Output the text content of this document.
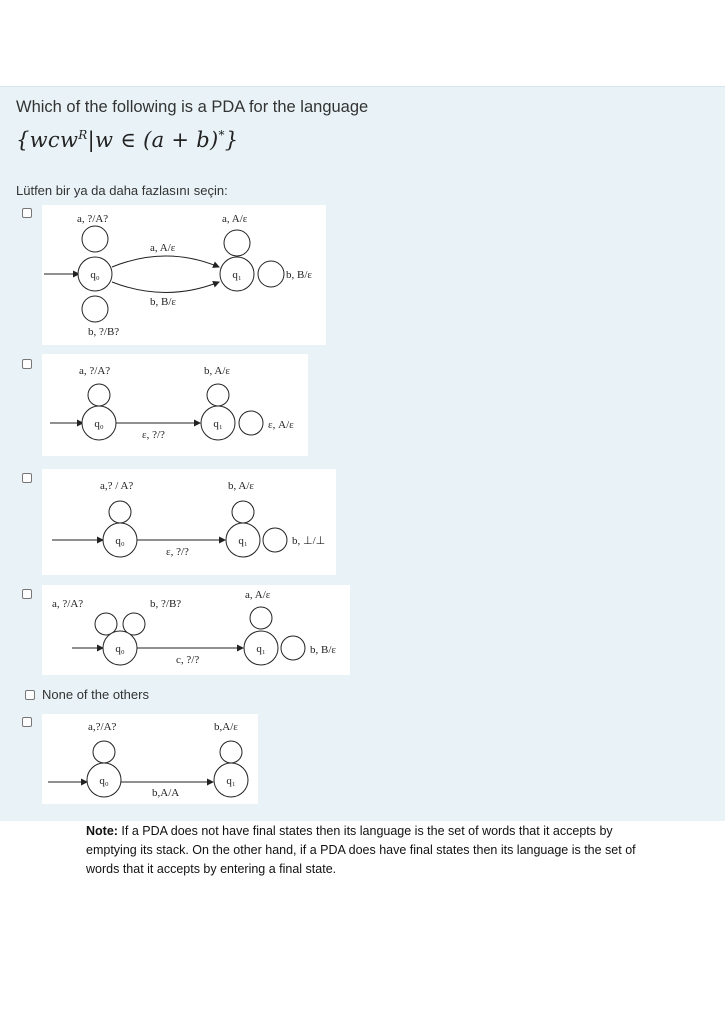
Which of the following is a PDA for the language
{wcw$^R$|w ∈ (a + b)*}
Lütfen bir ya da daha fazlasını seçin:
a, ?/A?	a, A/ε
a, A/ε
b, B/ε
b, ?/B?
b, B/ε
q₀	q₁
a, ?/A?	b, A/ε
ε, ?/?
ε, A/ε
q₀	q₁
a,? / A?	b, A/ε
ε, ?/?
b, ⊥/⊥
q₀	q₁
a, ?/A?	b, ?/B?
a, A/ε
c, ?/?
b, B/ε
q₀	q₁
None of the others
a,?/A?	b,A/ε
b,A/A
q₀	q₁
Note: If a PDA does not have final states then its language is the set of words that it accepts by emptying its stack. On the other hand, if a PDA does have final states then its language is the set of words that it accepts by entering a final state.
